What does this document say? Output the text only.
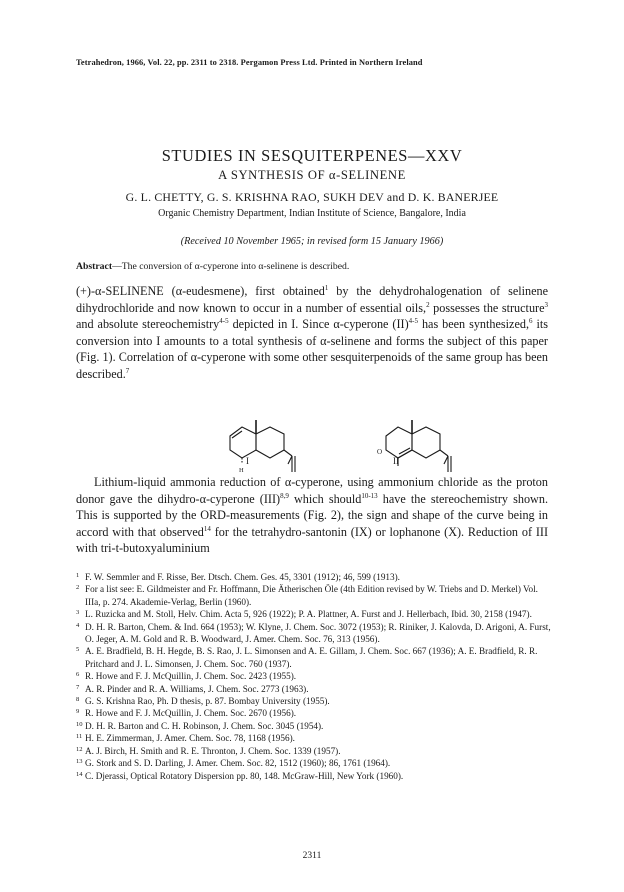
Tetrahedron, 1966, Vol. 22, pp. 2311 to 2318. Pergamon Press Ltd. Printed in Northern Ireland
STUDIES IN SESQUITERPENES—XXV
A SYNTHESIS OF α-SELINENE
G. L. CHETTY, G. S. KRISHNA RAO, SUKH DEV and D. K. BANERJEE
Organic Chemistry Department, Indian Institute of Science, Bangalore, India
(Received 10 November 1965; in revised form 15 January 1966)
Abstract—The conversion of α-cyperone into α-selinene is described.
(+)-α-SELINENE (α-eudesmene), first obtained$^1$ by the dehydrohalogenation of selinene dihydrochloride and now known to occur in a number of essential oils,$^2$ possesses the structure$^3$ and absolute stereochemistry$^{4-5}$ depicted in I. Since α-cyperone (II)$^{4-5}$ has been synthesized,$^6$ its conversion into I amounts to a total synthesis of α-selinene and forms the subject of this paper (Fig. 1). Correlation of α-cyperone with some other sesquiterpenoids of the same group has been described.$^7$
H
I
O
II
Lithium-liquid ammonia reduction of α-cyperone, using ammonium chloride as the proton donor gave the dihydro-α-cyperone (III)$^{8,9}$ which should$^{10-13}$ have the stereochemistry shown. This is supported by the ORD-measurements (Fig. 2), the sign and shape of the curve being in accord with that observed$^{14}$ for the tetrahydro-santonin (IX) or lophanone (X). Reduction of III with tri-t-butoxyaluminium
1 F. W. Semmler and F. Risse, Ber. Dtsch. Chem. Ges. 45, 3301 (1912); 46, 599 (1913).
2 For a list see: E. Gildmeister and Fr. Hoffmann, Die Ätherischen Öle (4th Edition revised by W. Triebs and D. Merkel) Vol. IIIa, p. 274. Akademie-Verlag, Berlin (1960).
3 L. Ruzicka and M. Stoll, Helv. Chim. Acta 5, 926 (1922); P. A. Plattner, A. Furst and J. Hellerbach, Ibid. 30, 2158 (1947).
4 D. H. R. Barton, Chem. & Ind. 664 (1953); W. Klyne, J. Chem. Soc. 3072 (1953); R. Riniker, J. Kalovda, D. Arigoni, A. Furst, O. Jeger, A. M. Gold and R. B. Woodward, J. Amer. Chem. Soc. 76, 313 (1956).
5 A. E. Bradfield, B. H. Hegde, B. S. Rao, J. L. Simonsen and A. E. Gillam, J. Chem. Soc. 667 (1936); A. E. Bradfield, R. R. Pritchard and J. L. Simonsen, J. Chem. Soc. 760 (1937).
6 R. Howe and F. J. McQuillin, J. Chem. Soc. 2423 (1955).
7 A. R. Pinder and R. A. Williams, J. Chem. Soc. 2773 (1963).
8 G. S. Krishna Rao, Ph. D thesis, p. 87. Bombay University (1955).
9 R. Howe and F. J. McQuillin, J. Chem. Soc. 2670 (1956).
10 D. H. R. Barton and C. H. Robinson, J. Chem. Soc. 3045 (1954).
11 H. E. Zimmerman, J. Amer. Chem. Soc. 78, 1168 (1956).
12 A. J. Birch, H. Smith and R. E. Thronton, J. Chem. Soc. 1339 (1957).
13 G. Stork and S. D. Darling, J. Amer. Chem. Soc. 82, 1512 (1960); 86, 1761 (1964).
14 C. Djerassi, Optical Rotatory Dispersion pp. 80, 148. McGraw-Hill, New York (1960).
2311
